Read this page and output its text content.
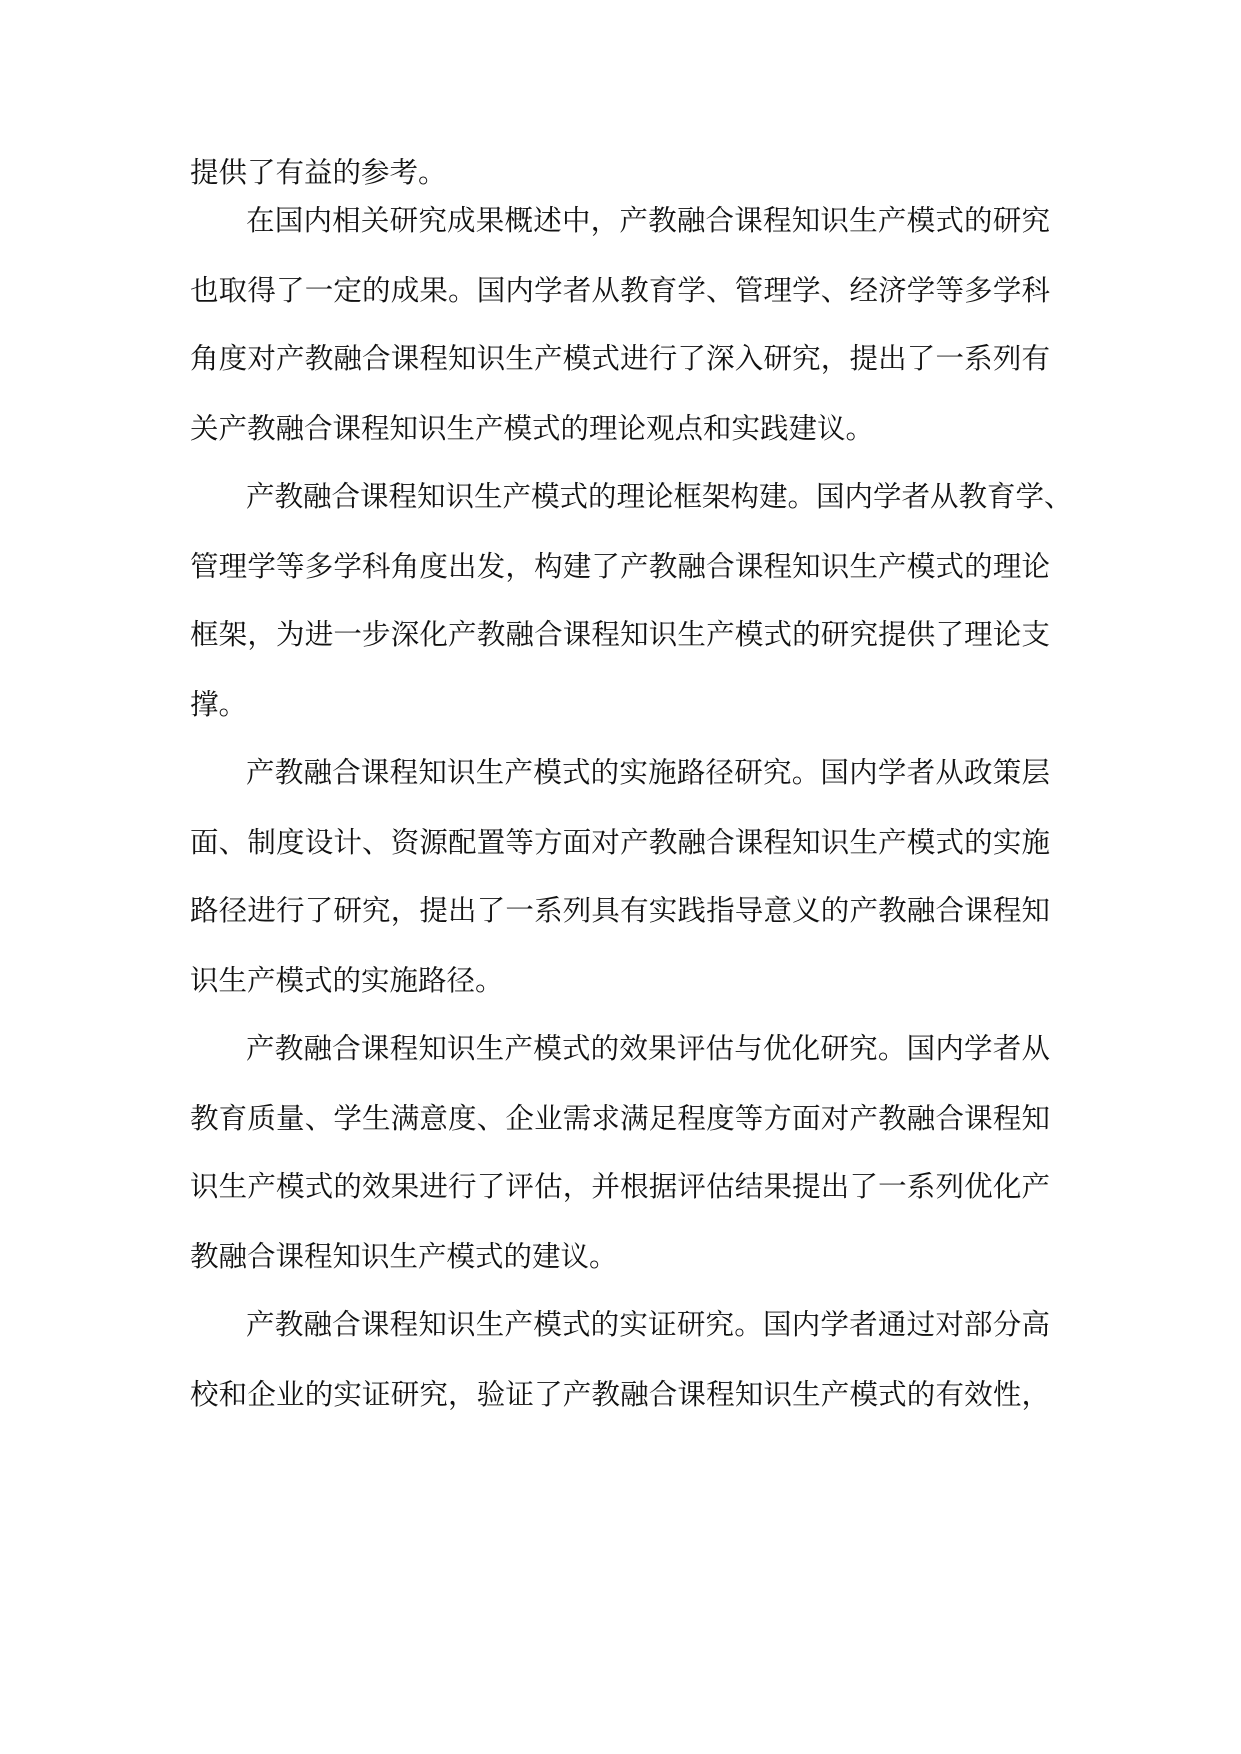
提供了有益的参考。
在国内相关研究成果概述中，产教融合课程知识生产模式的研究
也取得了一定的成果。国内学者从教育学、管理学、经济学等多学科
角度对产教融合课程知识生产模式进行了深入研究，提出了一系列有
关产教融合课程知识生产模式的理论观点和实践建议。
产教融合课程知识生产模式的理论框架构建。国内学者从教育学、
管理学等多学科角度出发，构建了产教融合课程知识生产模式的理论
框架，为进一步深化产教融合课程知识生产模式的研究提供了理论支
撑。
产教融合课程知识生产模式的实施路径研究。国内学者从政策层
面、制度设计、资源配置等方面对产教融合课程知识生产模式的实施
路径进行了研究，提出了一系列具有实践指导意义的产教融合课程知
识生产模式的实施路径。
产教融合课程知识生产模式的效果评估与优化研究。国内学者从
教育质量、学生满意度、企业需求满足程度等方面对产教融合课程知
识生产模式的效果进行了评估，并根据评估结果提出了一系列优化产
教融合课程知识生产模式的建议。
产教融合课程知识生产模式的实证研究。国内学者通过对部分高
校和企业的实证研究，验证了产教融合课程知识生产模式的有效性，
